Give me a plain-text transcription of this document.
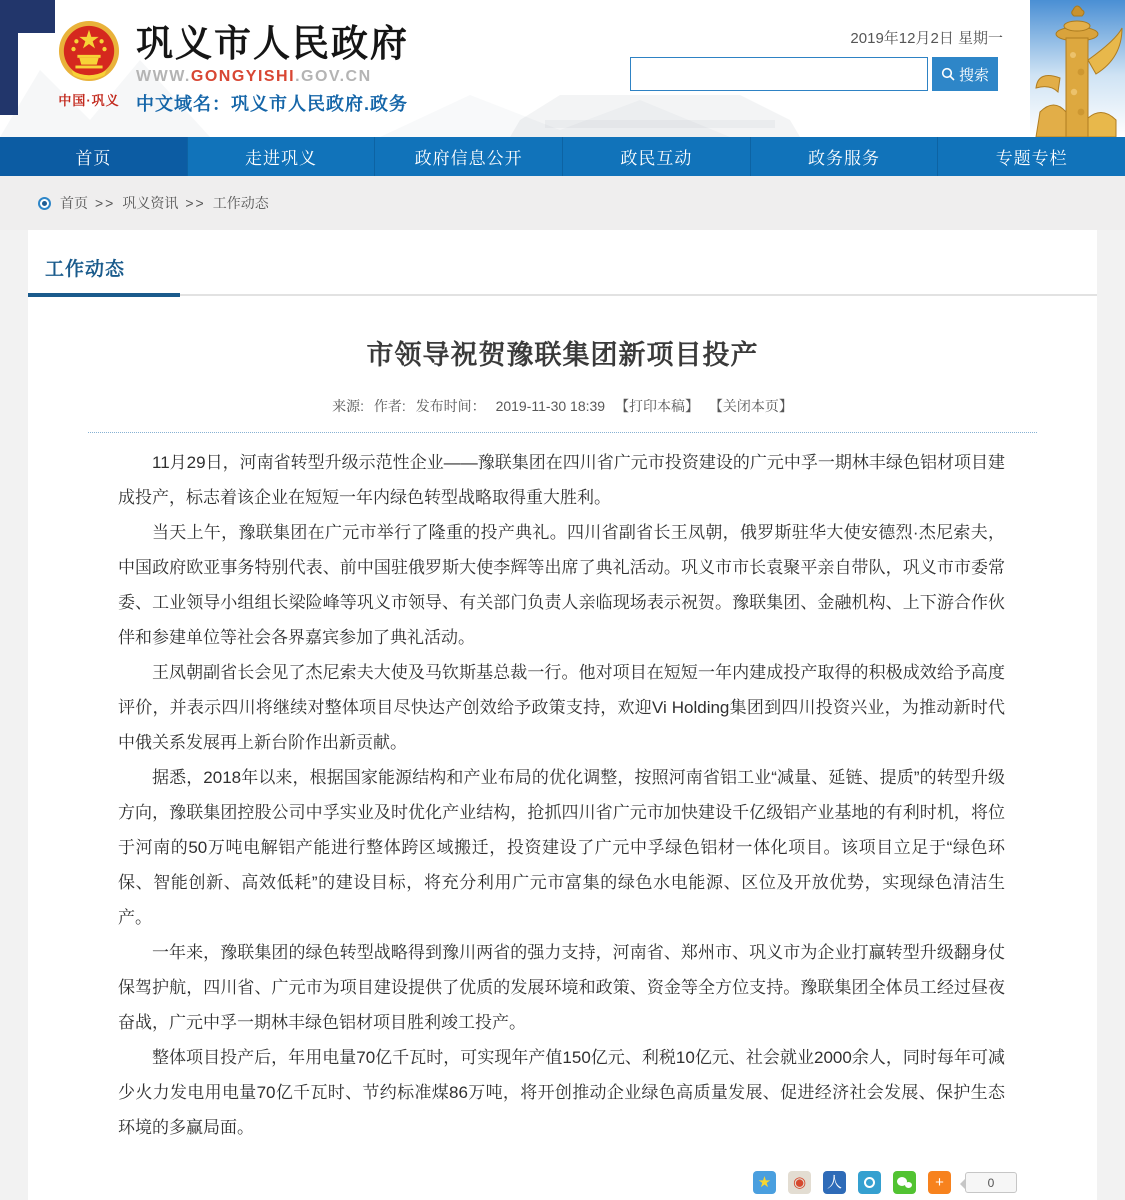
中国·巩义
巩义市人民政府
WWW.GONGYISHI.GOV.CN
中文域名：巩义市人民政府.政务
2019年12月2日 星期一
搜索
首页	走进巩义	政府信息公开	政民互动	政务服务	专题专栏
首页 >> 巩义资讯 >> 工作动态
工作动态
市领导祝贺豫联集团新项目投产
来源: 作者: 发布时间： 2019-11-30 18:39 【打印本稿】 【关闭本页】

11月29日，河南省转型升级示范性企业——豫联集团在四川省广元市投资建设的广元中孚一期林丰绿色铝材项目建成投产，标志着该企业在短短一年内绿色转型战略取得重大胜利。

当天上午，豫联集团在广元市举行了隆重的投产典礼。四川省副省长王凤朝，俄罗斯驻华大使安德烈·杰尼索夫，中国政府欧亚事务特别代表、前中国驻俄罗斯大使李辉等出席了典礼活动。巩义市市长袁聚平亲自带队，巩义市市委常委、工业领导小组组长梁险峰等巩义市领导、有关部门负责人亲临现场表示祝贺。豫联集团、金融机构、上下游合作伙伴和参建单位等社会各界嘉宾参加了典礼活动。

王凤朝副省长会见了杰尼索夫大使及马钦斯基总裁一行。他对项目在短短一年内建成投产取得的积极成效给予高度评价，并表示四川将继续对整体项目尽快达产创效给予政策支持，欢迎Vi Holding集团到四川投资兴业，为推动新时代中俄关系发展再上新台阶作出新贡献。

据悉，2018年以来，根据国家能源结构和产业布局的优化调整，按照河南省铝工业“减量、延链、提质”的转型升级方向，豫联集团控股公司中孚实业及时优化产业结构，抢抓四川省广元市加快建设千亿级铝产业基地的有利时机，将位于河南的50万吨电解铝产能进行整体跨区域搬迁，投资建设了广元中孚绿色铝材一体化项目。该项目立足于“绿色环保、智能创新、高效低耗”的建设目标，将充分利用广元市富集的绿色水电能源、区位及开放优势，实现绿色清洁生产。

一年来，豫联集团的绿色转型战略得到豫川两省的强力支持，河南省、郑州市、巩义市为企业打赢转型升级翻身仗保驾护航，四川省、广元市为项目建设提供了优质的发展环境和政策、资金等全方位支持。豫联集团全体员工经过昼夜奋战，广元中孚一期林丰绿色铝材项目胜利竣工投产。

整体项目投产后，年用电量70亿千瓦时，可实现年产值150亿元、利税10亿元、社会就业2000余人，同时每年可减少火力发电用电量70亿千瓦时、节约标准煤86万吨，将开创推动企业绿色高质量发展、促进经济社会发展、保护生态环境的多赢局面。

★	◉	人	+	0
